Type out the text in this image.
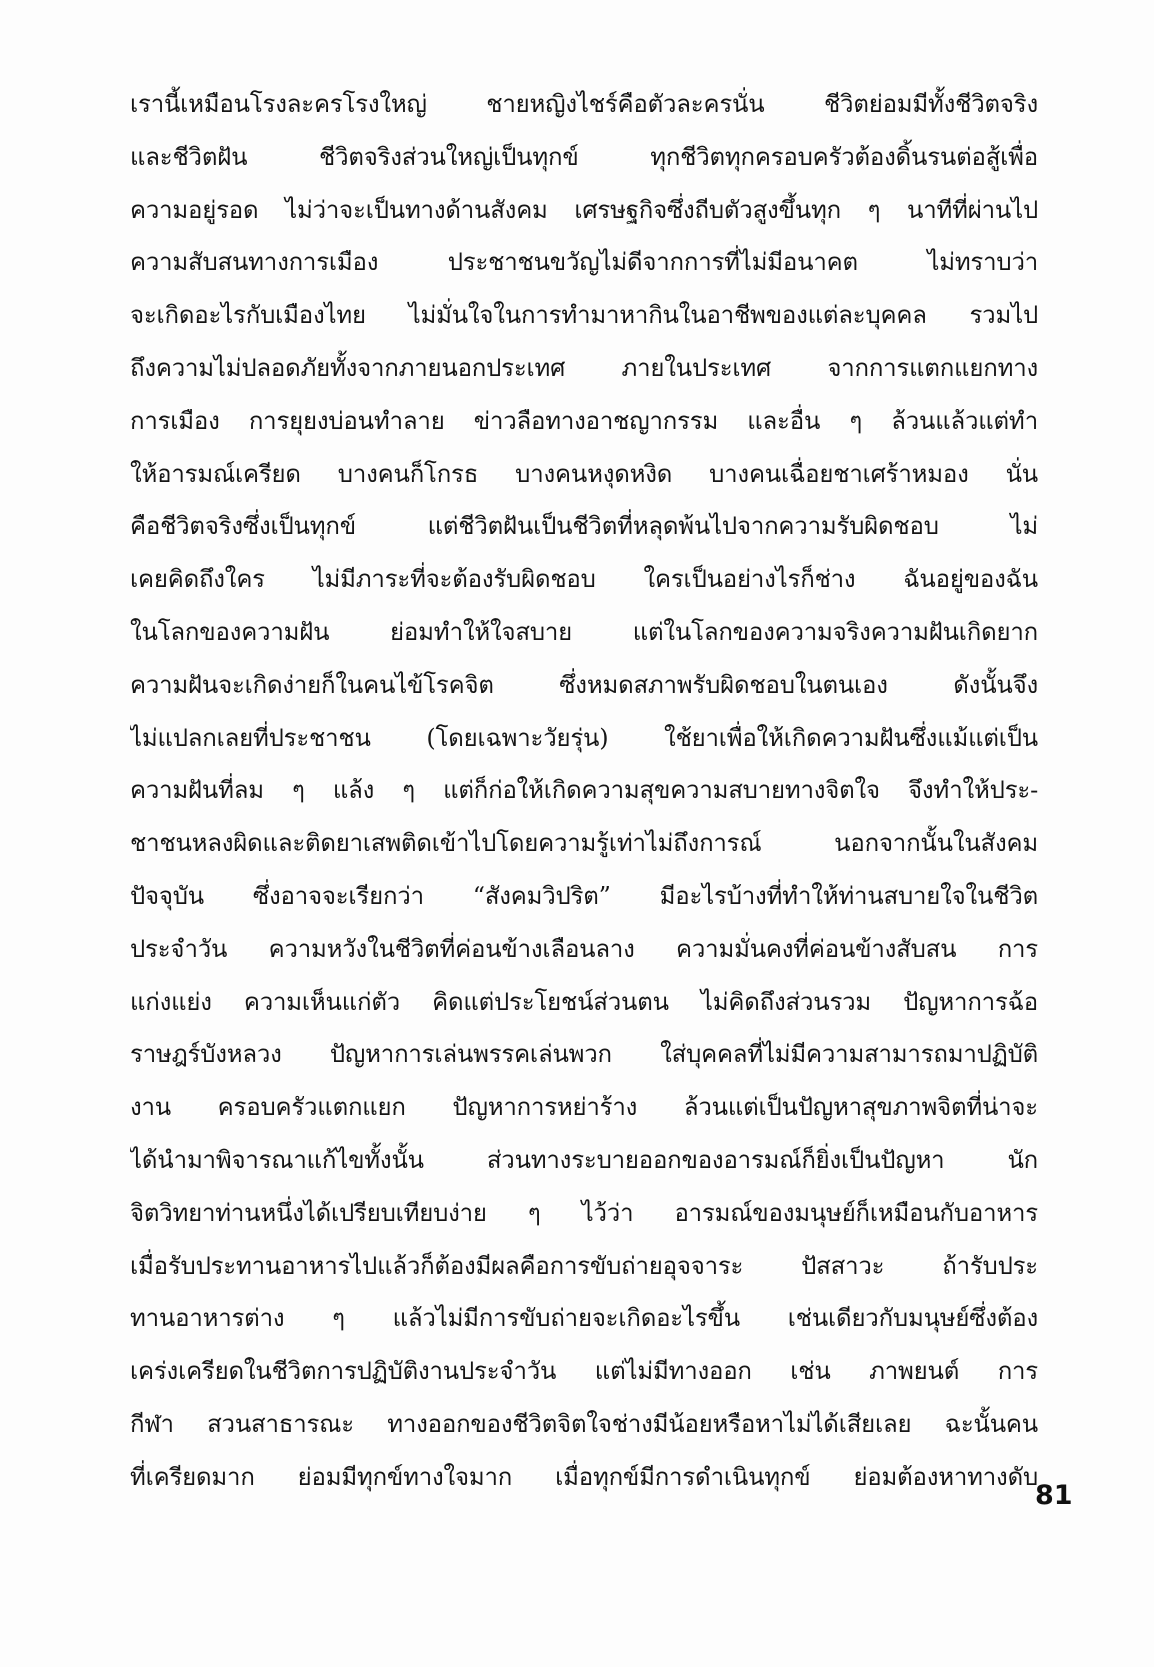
เรานี้เหมือนโรงละครโรงใหญ่ ชายหญิงไชร์คือตัวละครนั่น ชีวิตย่อมมีทั้งชีวิตจริง
และชีวิตฝัน ชีวิตจริงส่วนใหญ่เป็นทุกข์ ทุกชีวิตทุกครอบครัวต้องดิ้นรนต่อสู้เพื่อ
ความอยู่รอด ไม่ว่าจะเป็นทางด้านสังคม เศรษฐกิจซึ่งถีบตัวสูงขึ้นทุก ๆ นาทีที่ผ่านไป
ความสับสนทางการเมือง ประชาชนขวัญไม่ดีจากการที่ไม่มีอนาคต ไม่ทราบว่า
จะเกิดอะไรกับเมืองไทย ไม่มั่นใจในการทำมาหากินในอาชีพของแต่ละบุคคล รวมไป
ถึงความไม่ปลอดภัยทั้งจากภายนอกประเทศ ภายในประเทศ จากการแตกแยกทาง
การเมือง การยุยงบ่อนทำลาย ข่าวลือทางอาชญากรรม และอื่น ๆ ล้วนแล้วแต่ทำ
ให้อารมณ์เครียด บางคนก็โกรธ บางคนหงุดหงิด บางคนเฉื่อยชาเศร้าหมอง นั่น
คือชีวิตจริงซึ่งเป็นทุกข์ แต่ชีวิตฝันเป็นชีวิตที่หลุดพ้นไปจากความรับผิดชอบ ไม่
เคยคิดถึงใคร ไม่มีภาระที่จะต้องรับผิดชอบ ใครเป็นอย่างไรก็ช่าง ฉันอยู่ของฉัน
ในโลกของความฝัน ย่อมทำให้ใจสบาย แต่ในโลกของความจริงความฝันเกิดยาก
ความฝันจะเกิดง่ายก็ในคนไข้โรคจิต ซึ่งหมดสภาพรับผิดชอบในตนเอง ดังนั้นจึง
ไม่แปลกเลยที่ประชาชน (โดยเฉพาะวัยรุ่น) ใช้ยาเพื่อให้เกิดความฝันซึ่งแม้แต่เป็น
ความฝันที่ลม ๆ แล้ง ๆ แต่ก็ก่อให้เกิดความสุขความสบายทางจิตใจ จึงทำให้ประ-
ชาชนหลงผิดและติดยาเสพติดเข้าไปโดยความรู้เท่าไม่ถึงการณ์ นอกจากนั้นในสังคม
ปัจจุบัน ซึ่งอาจจะเรียกว่า “สังคมวิปริต” มีอะไรบ้างที่ทำให้ท่านสบายใจในชีวิต
ประจำวัน ความหวังในชีวิตที่ค่อนข้างเลือนลาง ความมั่นคงที่ค่อนข้างสับสน การ
แก่งแย่ง ความเห็นแก่ตัว คิดแต่ประโยชน์ส่วนตน ไม่คิดถึงส่วนรวม ปัญหาการฉ้อ
ราษฎร์บังหลวง ปัญหาการเล่นพรรคเล่นพวก ใส่บุคคลที่ไม่มีความสามารถมาปฏิบัติ
งาน ครอบครัวแตกแยก ปัญหาการหย่าร้าง ล้วนแต่เป็นปัญหาสุขภาพจิตที่น่าจะ
ได้นำมาพิจารณาแก้ไขทั้งนั้น ส่วนทางระบายออกของอารมณ์ก็ยิ่งเป็นปัญหา นัก
จิตวิทยาท่านหนึ่งได้เปรียบเทียบง่าย ๆ ไว้ว่า อารมณ์ของมนุษย์ก็เหมือนกับอาหาร
เมื่อรับประทานอาหารไปแล้วก็ต้องมีผลคือการขับถ่ายอุจจาระ ปัสสาวะ ถ้ารับประ
ทานอาหารต่าง ๆ แล้วไม่มีการขับถ่ายจะเกิดอะไรขึ้น เช่นเดียวกับมนุษย์ซึ่งต้อง
เคร่งเครียดในชีวิตการปฏิบัติงานประจำวัน แต่ไม่มีทางออก เช่น ภาพยนต์ การ
กีฬา สวนสาธารณะ ทางออกของชีวิตจิตใจช่างมีน้อยหรือหาไม่ได้เสียเลย ฉะนั้นคน
ที่เครียดมาก ย่อมมีทุกข์ทางใจมาก เมื่อทุกข์มีการดำเนินทุกข์ ย่อมต้องหาทางดับ
81
